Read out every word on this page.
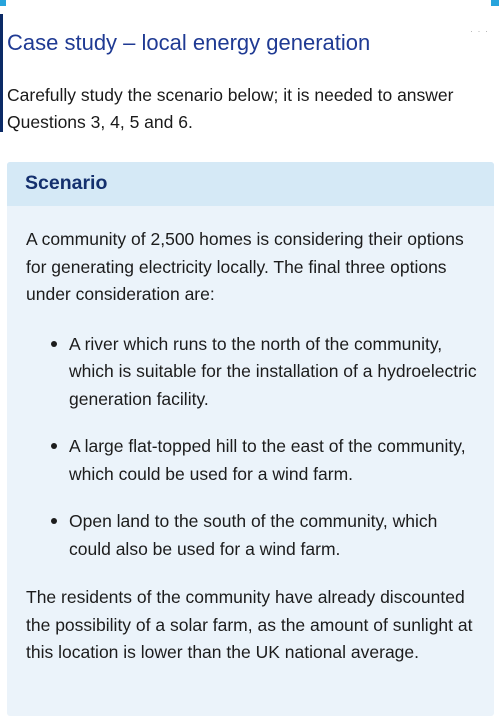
· · ·
Case study – local energy generation

Carefully study the scenario below; it is needed to answer Questions 3, 4, 5 and 6.

Scenario

A community of 2,500 homes is considering their options for generating electricity locally. The final three options under consideration are:

A river which runs to the north of the community, which is suitable for the installation of a hydroelectric generation facility.
A large flat-topped hill to the east of the community, which could be used for a wind farm.
Open land to the south of the community, which could also be used for a wind farm.

The residents of the community have already discounted the possibility of a solar farm, as the amount of sunlight at this location is lower than the UK national average.
